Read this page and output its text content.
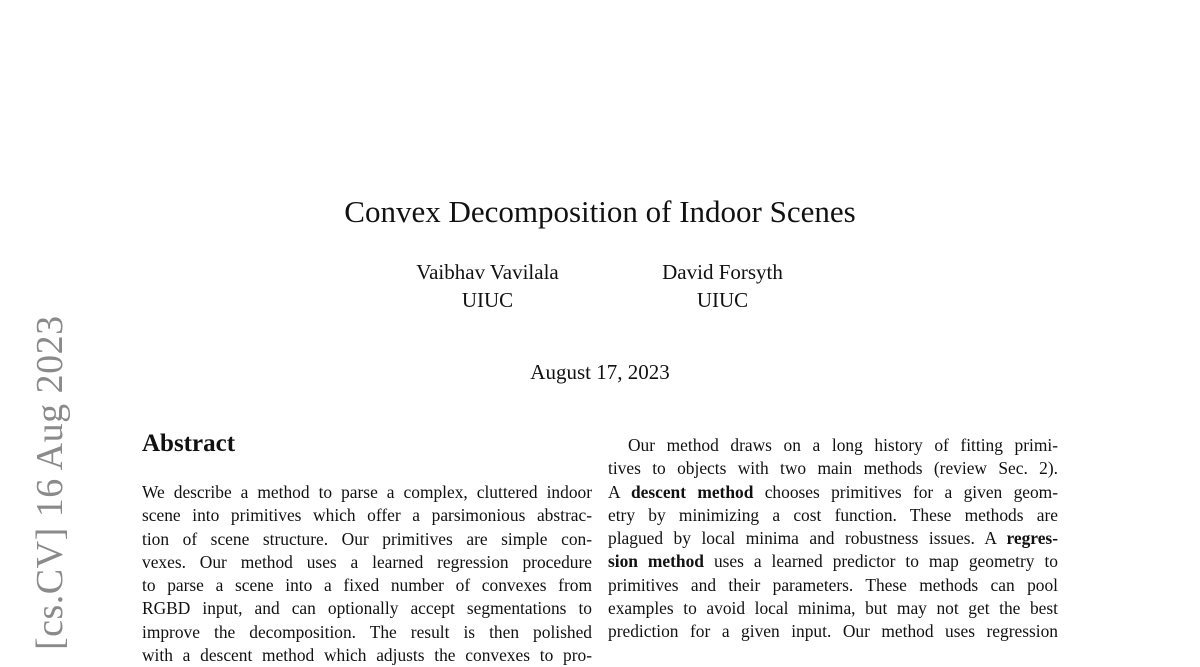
[cs.CV] 16 Aug 2023
Convex Decomposition of Indoor Scenes
Vaibhav Vavilala
UIUC
David Forsyth
UIUC
August 17, 2023
Abstract
We describe a method to parse a complex, cluttered indoor
scene into primitives which offer a parsimonious abstrac-
tion of scene structure. Our primitives are simple con-
vexes. Our method uses a learned regression procedure
to parse a scene into a fixed number of convexes from
RGBD input, and can optionally accept segmentations to
improve the decomposition. The result is then polished
with a descent method which adjusts the convexes to pro-
Our method draws on a long history of fitting primi-
tives to objects with two main methods (review Sec. 2).
A descent method chooses primitives for a given geom-
etry by minimizing a cost function. These methods are
plagued by local minima and robustness issues. A regres-
sion method uses a learned predictor to map geometry to
primitives and their parameters. These methods can pool
examples to avoid local minima, but may not get the best
prediction for a given input. Our method uses regression
